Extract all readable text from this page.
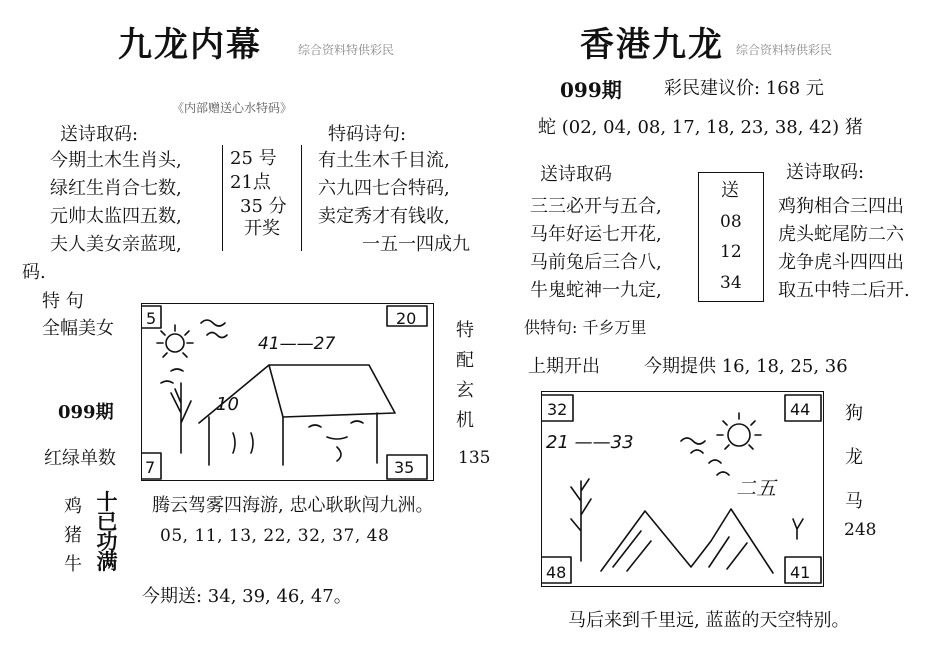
九龙内幕	综合资料特供彩民
《内部赠送心水特码》
送诗取码:	特码诗句:
今期土木生肖头,
绿红生肖合七数,
元帅太监四五数,
夫人美女亲蓝现,
25 号
21点
35 分
开奖
有土生木千目流,
六九四七合特码,
卖定秀才有钱收,
一五一四成九
码.
特 句
全幅美女
099期
红绿单数
5	20
7	35
41——27
10
特
配
玄
机
135
鸡
猪
牛
十
已
功
满
腾云驾雾四海游, 忠心耿耿闯九洲。
05, 11, 13, 22, 32, 37, 48
今期送: 34, 39, 46, 47。
香港九龙 综合资料特供彩民
099期 彩民建议价: 168 元
蛇 (02, 04, 08, 17, 18, 23, 38, 42) 猪
送诗取码	送诗取码:
三三必开与五合,
马年好运七开花,
马前兔后三合八,
牛鬼蛇神一九定,
送
08
12
34
鸡狗相合三四出
虎头蛇尾防二六
龙争虎斗四四出
取五中特二后开.
供特句: 千乡万里
上期开出 今期提供 16, 18, 25, 36
32	44
48	41
21 ——33
二五
狗
龙
马
248
马后来到千里远, 蓝蓝的天空特别。
